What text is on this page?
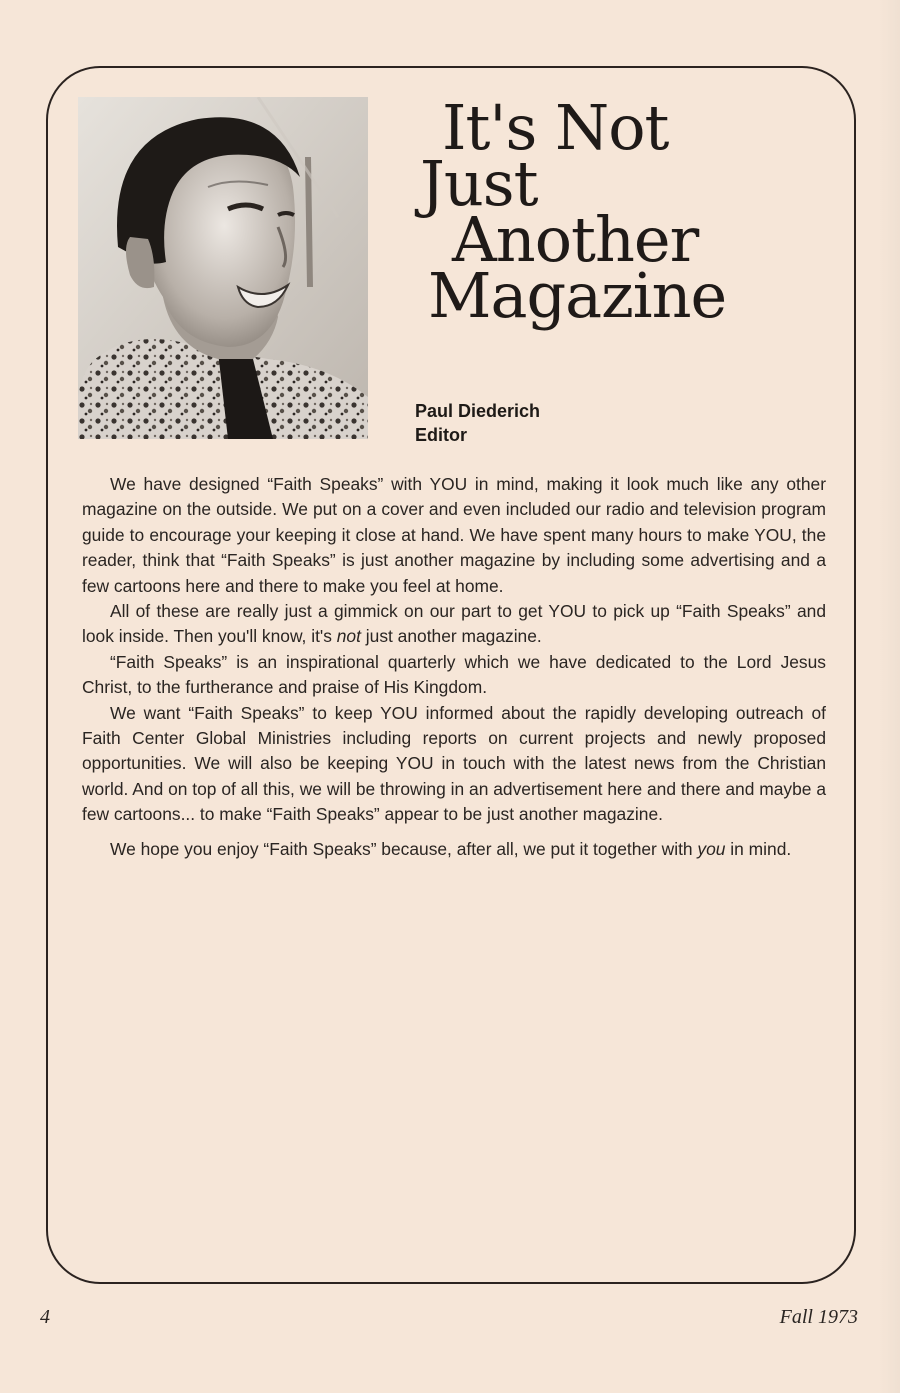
It's Not
Just
Another
Magazine
Paul Diederich
Editor

We have designed “Faith Speaks” with YOU in mind, making it look much like any other magazine on the outside. We put on a cover and even included our radio and television program guide to encourage your keeping it close at hand. We have spent many hours to make YOU, the reader, think that “Faith Speaks” is just another magazine by including some advertising and a few cartoons here and there to make you feel at home.

All of these are really just a gimmick on our part to get YOU to pick up “Faith Speaks” and look inside. Then you'll know, it's not just another magazine.

“Faith Speaks” is an inspirational quarterly which we have dedicated to the Lord Jesus Christ, to the furtherance and praise of His Kingdom.

We want “Faith Speaks” to keep YOU informed about the rapidly developing outreach of Faith Center Global Ministries including reports on current projects and newly proposed opportunities. We will also be keeping YOU in touch with the latest news from the Christian world. And on top of all this, we will be throwing in an advertisement here and there and maybe a few cartoons... to make “Faith Speaks” appear to be just another magazine.

We hope you enjoy “Faith Speaks” because, after all, we put it together with you in mind.

4	Fall 1973
